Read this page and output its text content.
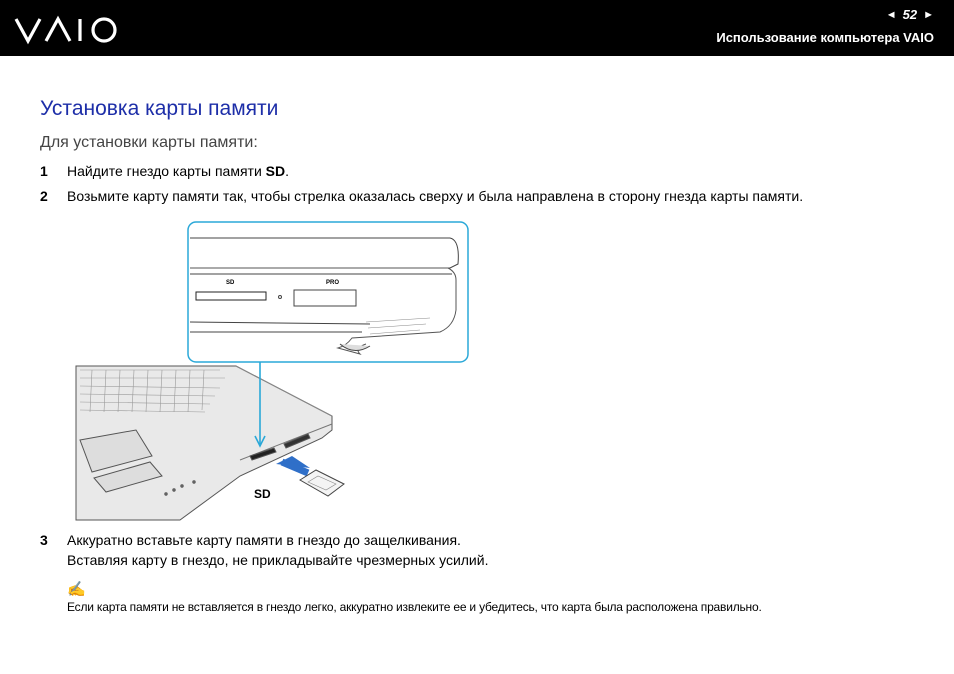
◄ 52 ►
Использование компьютера VAIO
Установка карты памяти
Для установки карты памяти:
1	Найдите гнездо карты памяти SD.
2	Возьмите карту памяти так, чтобы стрелка оказалась сверху и была направлена в сторону гнезда карты памяти.
SD
SD	PRO
3	Аккуратно вставьте карту памяти в гнездо до защелкивания.
Вставляя карту в гнездо, не прикладывайте чрезмерных усилий.
✍
Если карта памяти не вставляется в гнездо легко, аккуратно извлеките ее и убедитесь, что карта была расположена правильно.
